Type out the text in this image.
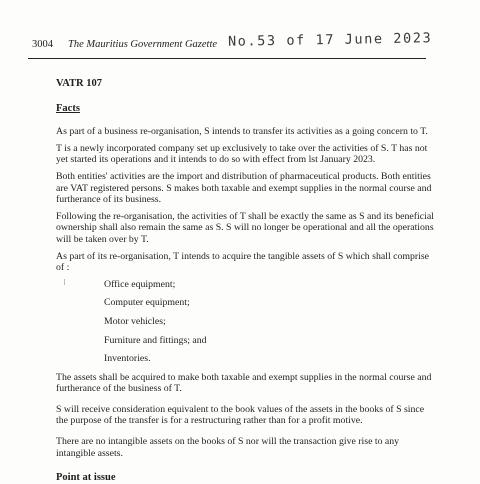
3004 The Mauritius Government Gazette No.53 of 17 June 2023
VATR 107
Facts

As part of a business re-organisation, S intends to transfer its activities as a going concern to T.

T is a newly incorporated company set up exclusively to take over the activities of S. T has not yet started its operations and it intends to do so with effect from lst January 2023.

Both entities' activities are the import and distribution of pharmaceutical products. Both entities are VAT registered persons. S makes both taxable and exempt supplies in the normal course and furtherance of its business.

Following the re-organisation, the activities of T shall be exactly the same as S and its beneficial ownership shall also remain the same as S. S will no longer be operational and all the operations will be taken over by T.

As part of its re-organisation, T intends to acquire the tangible assets of S which shall comprise of :

ǀ	Office equipment;
Computer equipment;
Motor vehicles;
Furniture and fittings; and
Inventories.

The assets shall be acquired to make both taxable and exempt supplies in the normal course and furtherance of the business of T.

S will receive consideration equivalent to the book values of the assets in the books of S since the purpose of the transfer is for a restructuring rather than for a profit motive.

There are no intangible assets on the books of S nor will the transaction give rise to any intangible assets.

Point at issue
